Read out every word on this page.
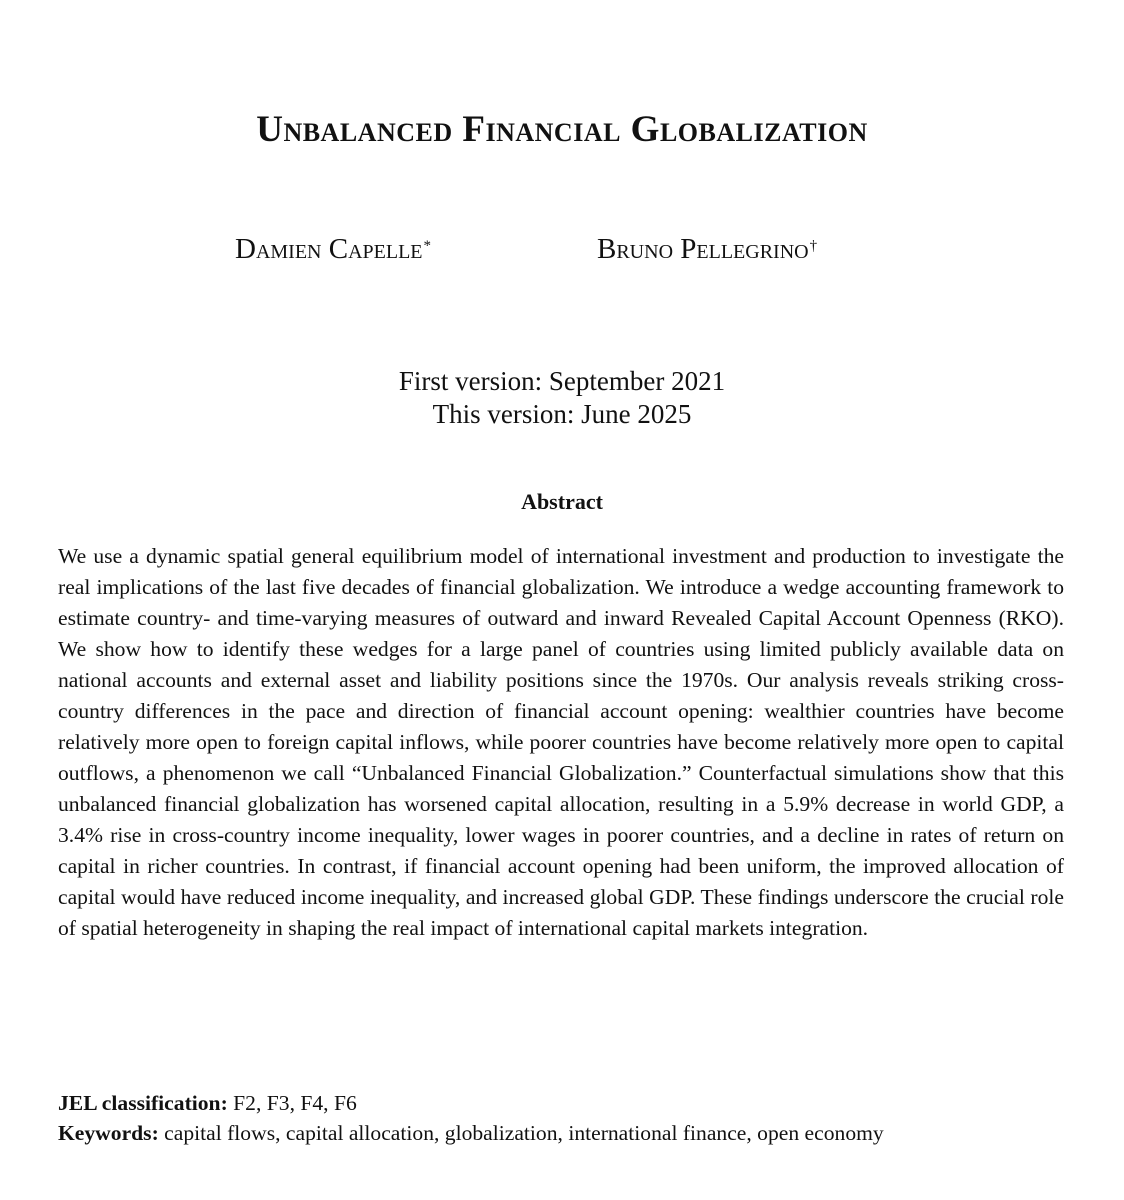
Unbalanced Financial Globalization
Damien Capelle*	Bruno Pellegrino†
First version: September 2021
This version: June 2025
Abstract

We use a dynamic spatial general equilibrium model of international investment and production to investigate the real implications of the last five decades of financial globalization. We introduce a wedge accounting framework to estimate country- and time-varying measures of outward and inward Revealed Capital Account Openness (RKO). We show how to identify these wedges for a large panel of countries using limited publicly available data on national accounts and external asset and liability positions since the 1970s. Our analysis reveals striking cross-country differences in the pace and direction of financial account opening: wealthier countries have become relatively more open to foreign capital inflows, while poorer countries have become relatively more open to capital outflows, a phenomenon we call “Unbalanced Financial Globalization.” Counterfactual simulations show that this unbalanced financial globalization has worsened capital allocation, resulting in a 5.9% decrease in world GDP, a 3.4% rise in cross-country income inequality, lower wages in poorer countries, and a decline in rates of return on capital in richer countries. In contrast, if financial account opening had been uniform, the improved allocation of capital would have reduced income inequality, and increased global GDP. These findings underscore the crucial role of spatial heterogeneity in shaping the real impact of international capital markets integration.

JEL classification: F2, F3, F4, F6
Keywords: capital flows, capital allocation, globalization, international finance, open economy
